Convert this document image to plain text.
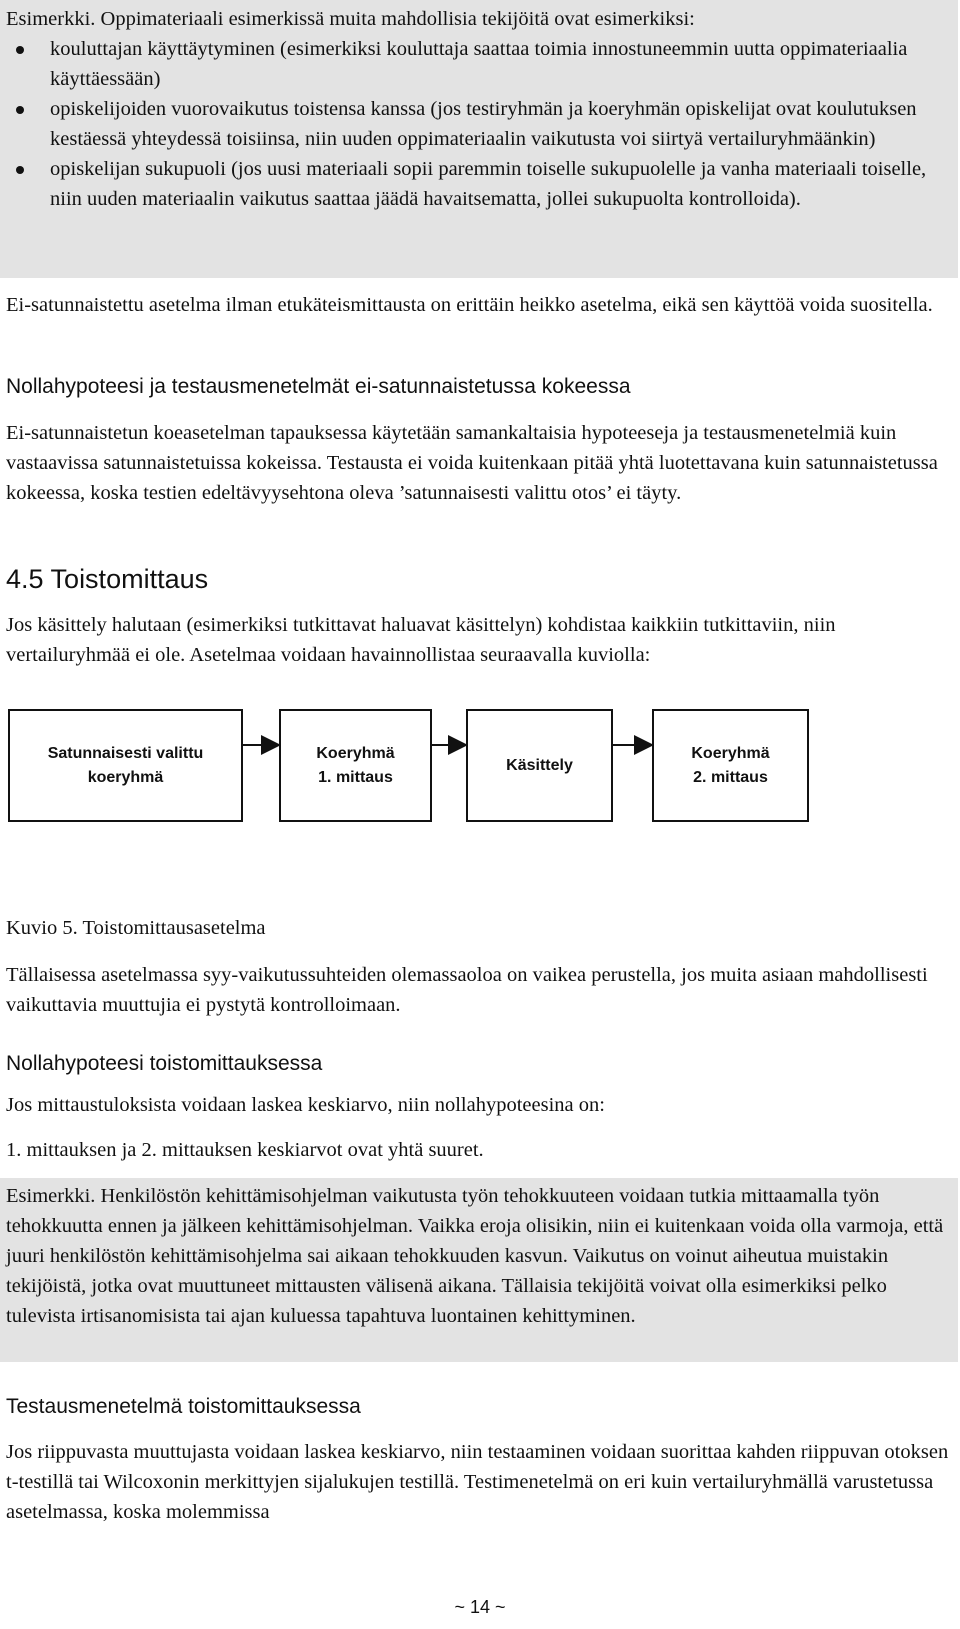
Esimerkki. Oppimateriaali esimerkissä muita mahdollisia tekijöitä ovat esimerkiksi:
kouluttajan käyttäytyminen (esimerkiksi kouluttaja saattaa toimia innostuneemmin uutta oppimateriaalia käyttäessään)
opiskelijoiden vuorovaikutus toistensa kanssa (jos testiryhmän ja koeryhmän opiskelijat ovat koulutuksen kestäessä yhteydessä toisiinsa, niin uuden oppimateriaalin vaikutusta voi siirtyä vertailuryhmäänkin)
opiskelijan sukupuoli (jos uusi materiaali sopii paremmin toiselle sukupuolelle ja vanha materiaali toiselle, niin uuden materiaalin vaikutus saattaa jäädä havaitsematta, jollei sukupuolta kontrolloida).
Ei-satunnaistettu asetelma ilman etukäteismittausta on erittäin heikko asetelma, eikä sen käyttöä voida suositella.
Nollahypoteesi ja testausmenetelmät ei-satunnaistetussa kokeessa
Ei-satunnaistetun koeasetelman tapauksessa käytetään samankaltaisia hypoteeseja ja testausmenetelmiä kuin vastaavissa satunnaistetuissa kokeissa. Testausta ei voida kuitenkaan pitää yhtä luotettavana kuin satunnaistetussa kokeessa, koska testien edeltävyysehtona oleva ’satunnaisesti valittu otos’ ei täyty.
4.5 Toistomittaus
Jos käsittely halutaan (esimerkiksi tutkittavat haluavat käsittelyn) kohdistaa kaikkiin tutkittaviin, niin vertailuryhmää ei ole. Asetelmaa voidaan havainnollistaa seuraavalla kuviolla:
Satunnaisesti valittu
koeryhmä
Koeryhmä
1. mittaus
Käsittely
Koeryhmä
2. mittaus
Kuvio 5. Toistomittausasetelma
Tällaisessa asetelmassa syy-vaikutussuhteiden olemassaoloa on vaikea perustella, jos muita asiaan mahdollisesti vaikuttavia muuttujia ei pystytä kontrolloimaan.
Nollahypoteesi toistomittauksessa
Jos mittaustuloksista voidaan laskea keskiarvo, niin nollahypoteesina on:
1. mittauksen ja 2. mittauksen keskiarvot ovat yhtä suuret.
Esimerkki. Henkilöstön kehittämisohjelman vaikutusta työn tehokkuuteen voidaan tutkia mittaamalla työn tehokkuutta ennen ja jälkeen kehittämisohjelman. Vaikka eroja olisikin, niin ei kuitenkaan voida olla varmoja, että juuri henkilöstön kehittämisohjelma sai aikaan tehokkuuden kasvun. Vaikutus on voinut aiheutua muistakin tekijöistä, jotka ovat muuttuneet mittausten välisenä aikana. Tällaisia tekijöitä voivat olla esimerkiksi pelko tulevista irtisanomisista tai ajan kuluessa tapahtuva luontainen kehittyminen.
Testausmenetelmä toistomittauksessa
Jos riippuvasta muuttujasta voidaan laskea keskiarvo, niin testaaminen voidaan suorittaa kahden riippuvan otoksen t-testillä tai Wilcoxonin merkittyjen sijalukujen testillä. Testimenetelmä on eri kuin vertailuryhmällä varustetussa asetelmassa, koska molemmissa
~ 14 ~
